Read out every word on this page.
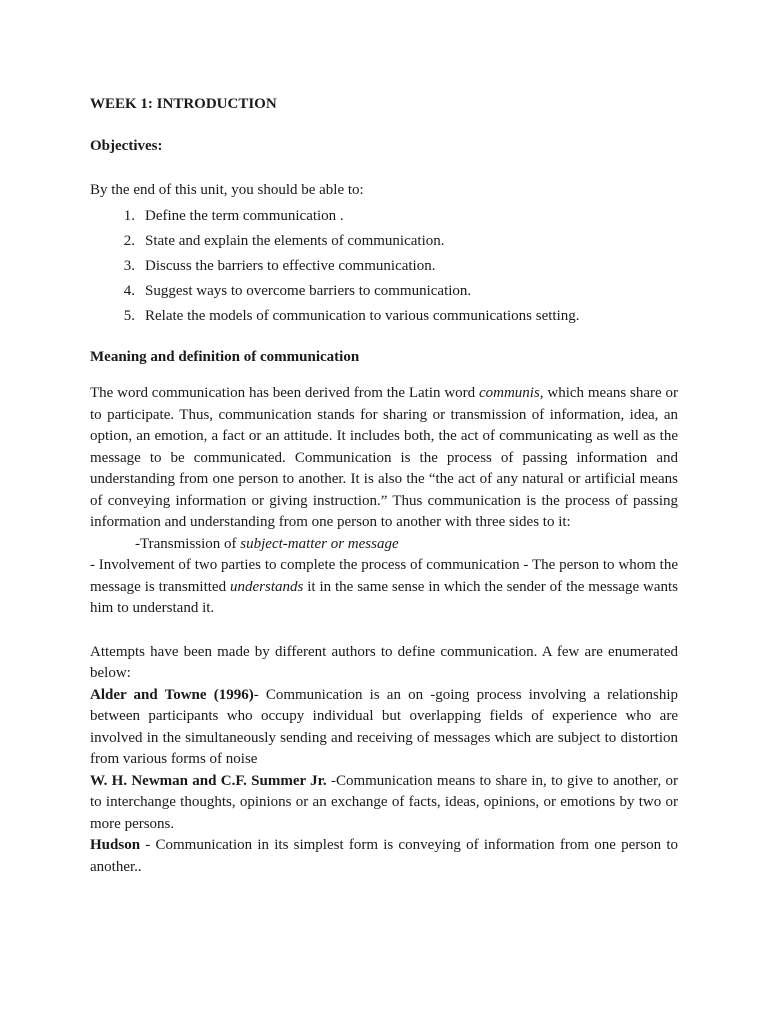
WEEK 1: INTRODUCTION

Objectives:

By the end of this unit, you should be able to:

1. Define the term communication .
2. State and explain the elements of communication.
3. Discuss the barriers to effective communication.
4. Suggest ways to overcome barriers to communication.
5. Relate the models of communication to various communications setting.

Meaning and definition of communication

The word communication has been derived from the Latin word communis, which means share or to participate. Thus, communication stands for sharing or transmission of information, idea, an option, an emotion, a fact or an attitude. It includes both, the act of communicating as well as the message to be communicated. Communication is the process of passing information and understanding from one person to another. It is also the “the act of any natural or artificial means of conveying information or giving instruction.” Thus communication is the process of passing information and understanding from one person to another with three sides to it:

-Transmission of subject-matter or message

- Involvement of two parties to complete the process of communication - The person to whom the message is transmitted understands it in the same sense in which the sender of the message wants him to understand it.

Attempts have been made by different authors to define communication. A few are enumerated below:

Alder and Towne (1996)- Communication is an on -going process involving a relationship between participants who occupy individual but overlapping fields of experience who are involved in the simultaneously sending and receiving of messages which are subject to distortion from various forms of noise

W. H. Newman and C.F. Summer Jr. -Communication means to share in, to give to another, or to interchange thoughts, opinions or an exchange of facts, ideas, opinions, or emotions by two or more persons.

Hudson - Communication in its simplest form is conveying of information from one person to another..
